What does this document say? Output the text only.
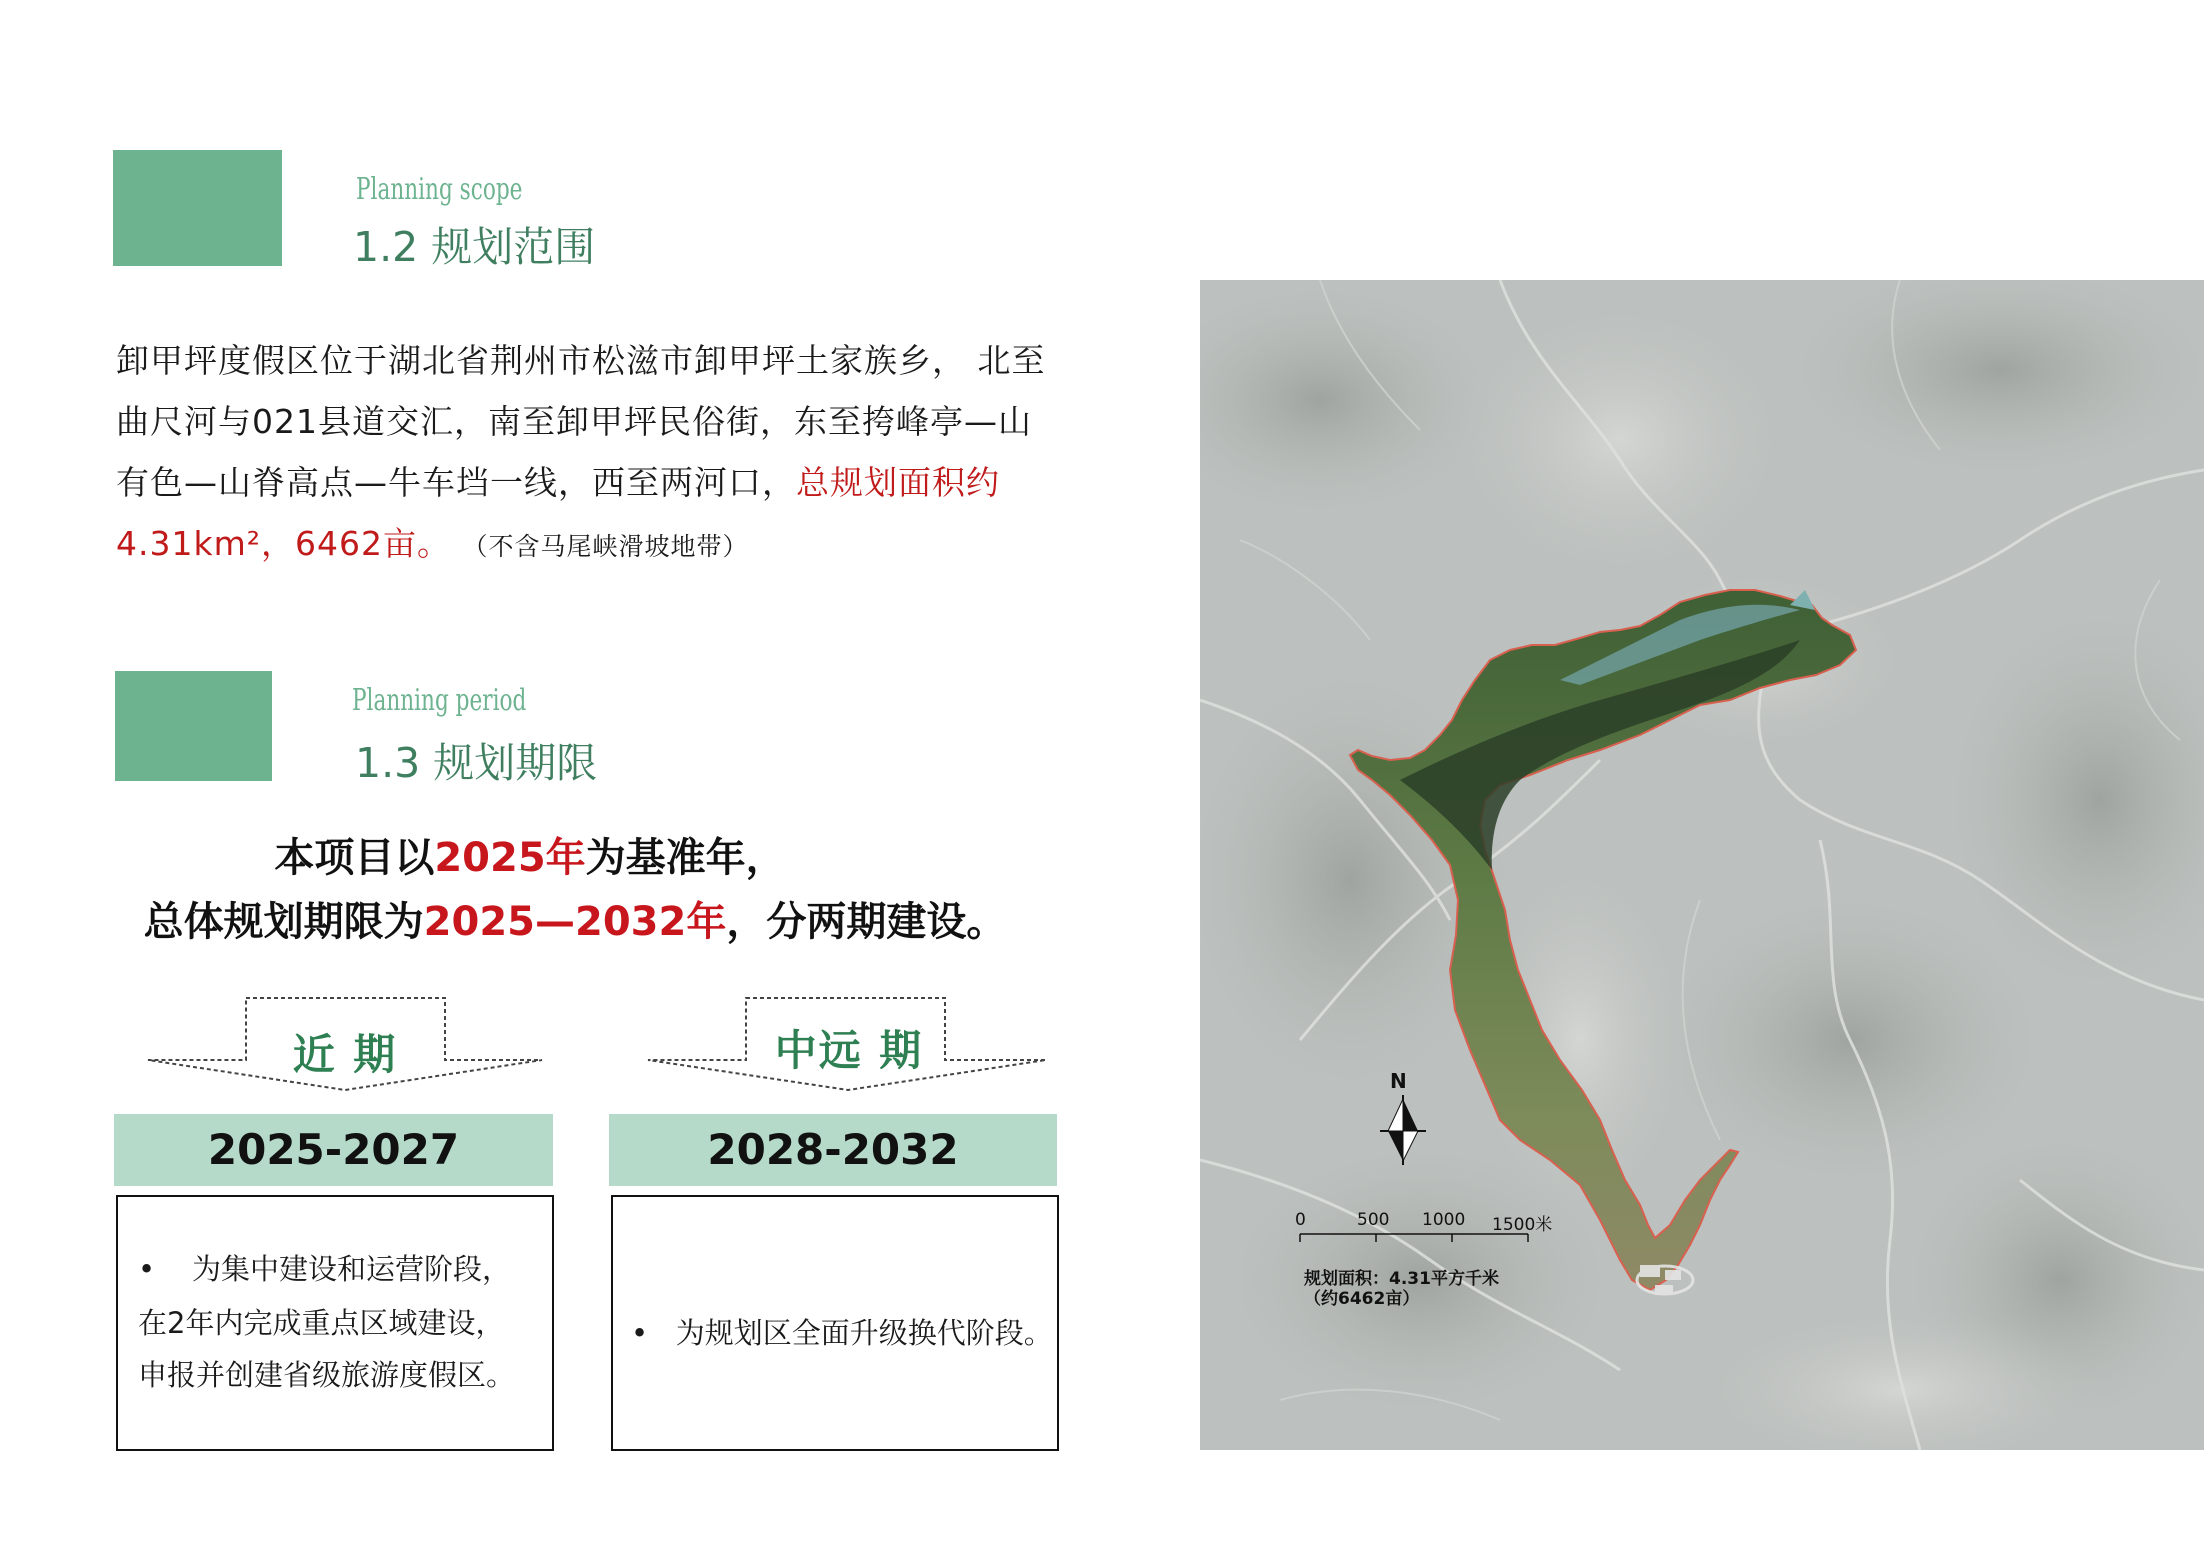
Planning scope
1.2 规划范围
卸甲坪度假区位于湖北省荆州市松滋市卸甲坪土家族乡， 北至
曲尺河与021县道交汇，南至卸甲坪民俗街，东至挎峰亭—山
有色—山脊高点—牛车垱一线，西至两河口，总规划面积约
4.31km²，6462亩。 （不含马尾峡滑坡地带）
Planning period
1.3 规划期限
本项目以2025年为基准年，
总体规划期限为2025—2032年，分两期建设。
近 期	中远 期
2025-2027	2028-2032
•    为集中建设和运营阶段，
在2年内完成重点区域建设，
申报并创建省级旅游度假区。
•   为规划区全面升级换代阶段。
N
0	500 1000 1500米
规划面积：4.31平方千米
（约6462亩）
